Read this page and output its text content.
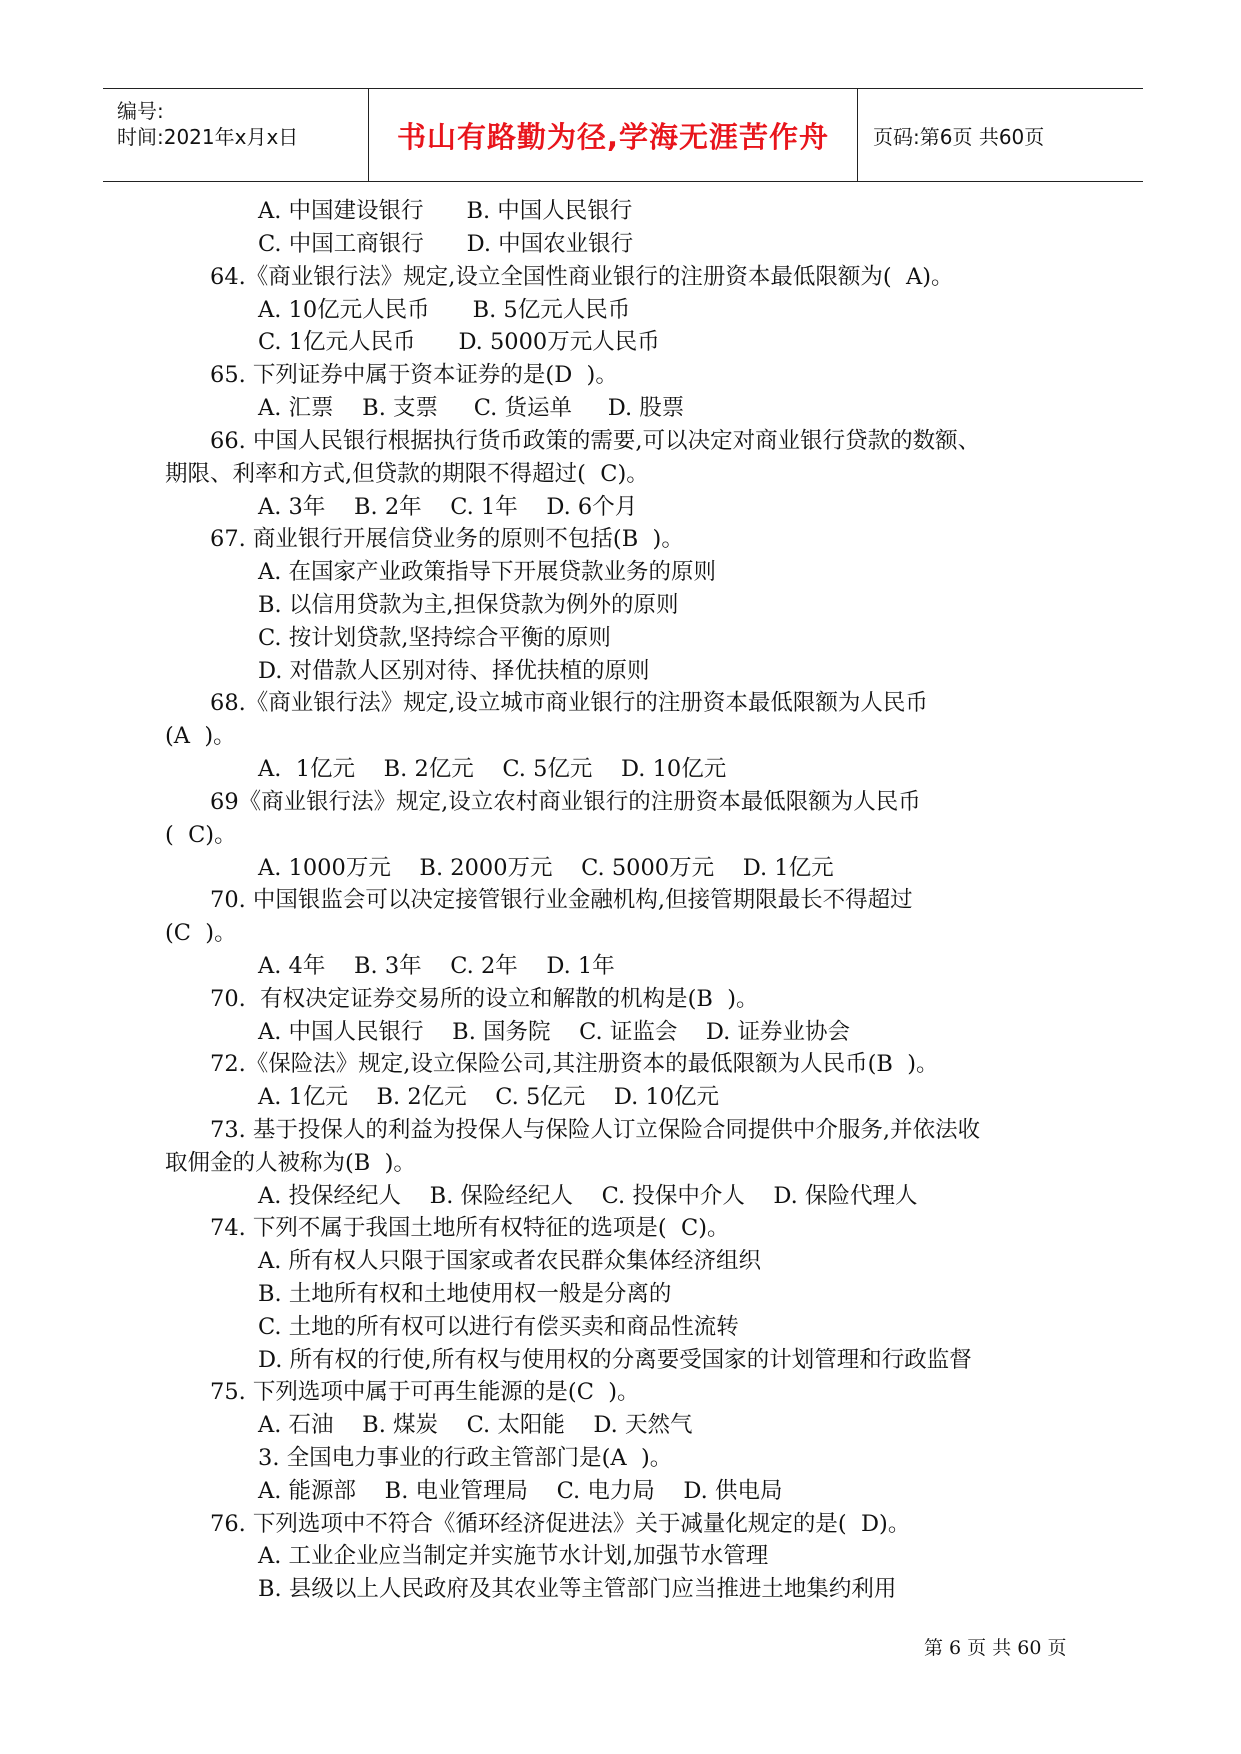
编号:
时间:2021年x月x日	书山有路勤为径,学海无涯苦作舟	页码:第6页 共60页
A. 中国建设银行      B. 中国人民银行
C. 中国工商银行      D. 中国农业银行
64.《商业银行法》规定,设立全国性商业银行的注册资本最低限额为(  A)。
A. 10亿元人民币      B. 5亿元人民币
C. 1亿元人民币      D. 5000万元人民币
65. 下列证券中属于资本证券的是(D  )。
A. 汇票    B. 支票     C. 货运单     D. 股票
66. 中国人民银行根据执行货币政策的需要,可以决定对商业银行贷款的数额、
期限、利率和方式,但贷款的期限不得超过(  C)。
A. 3年    B. 2年    C. 1年    D. 6个月
67. 商业银行开展信贷业务的原则不包括(B  )。
A. 在国家产业政策指导下开展贷款业务的原则
B. 以信用贷款为主,担保贷款为例外的原则
C. 按计划贷款,坚持综合平衡的原则
D. 对借款人区别对待、择优扶植的原则
68.《商业银行法》规定,设立城市商业银行的注册资本最低限额为人民币
(A  )。
A.  1亿元    B. 2亿元    C. 5亿元    D. 10亿元
69《商业银行法》规定,设立农村商业银行的注册资本最低限额为人民币
(  C)。
A. 1000万元    B. 2000万元    C. 5000万元    D. 1亿元
70. 中国银监会可以决定接管银行业金融机构,但接管期限最长不得超过
(C  )。
A. 4年    B. 3年    C. 2年    D. 1年
70.  有权决定证券交易所的设立和解散的机构是(B  )。
A. 中国人民银行    B. 国务院    C. 证监会    D. 证券业协会
72.《保险法》规定,设立保险公司,其注册资本的最低限额为人民币(B  )。
A. 1亿元    B. 2亿元    C. 5亿元    D. 10亿元
73. 基于投保人的利益为投保人与保险人订立保险合同提供中介服务,并依法收
取佣金的人被称为(B  )。
A. 投保经纪人    B. 保险经纪人    C. 投保中介人    D. 保险代理人
74. 下列不属于我国土地所有权特征的选项是(  C)。
A. 所有权人只限于国家或者农民群众集体经济组织
B. 土地所有权和土地使用权一般是分离的
C. 土地的所有权可以进行有偿买卖和商品性流转
D. 所有权的行使,所有权与使用权的分离要受国家的计划管理和行政监督
75. 下列选项中属于可再生能源的是(C  )。
A. 石油    B. 煤炭    C. 太阳能    D. 天然气
3. 全国电力事业的行政主管部门是(A  )。
A. 能源部    B. 电业管理局    C. 电力局    D. 供电局
76. 下列选项中不符合《循环经济促进法》关于减量化规定的是(  D)。
A. 工业企业应当制定并实施节水计划,加强节水管理
B. 县级以上人民政府及其农业等主管部门应当推进土地集约利用
第 6 页 共 60 页
